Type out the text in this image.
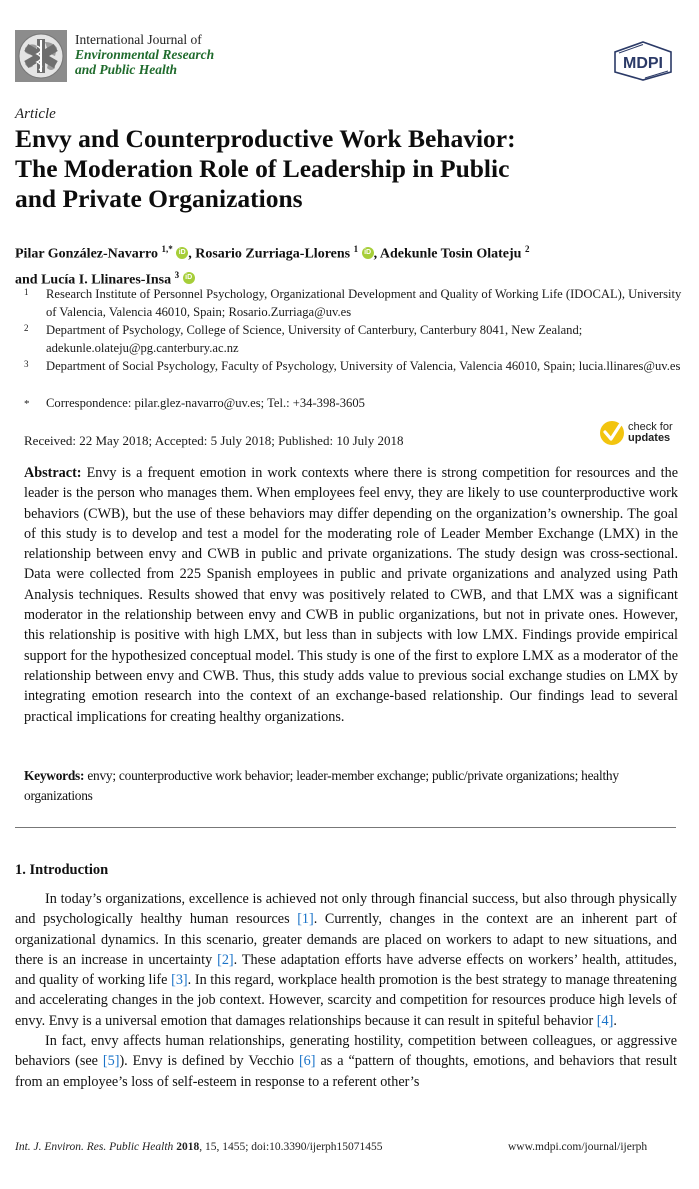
International Journal of
Environmental Research
and Public Health	MDPI
Article
Envy and Counterproductive Work Behavior:
The Moderation Role of Leadership in Public
and Private Organizations
Pilar González-Navarro $^{1,*}$ iD , Rosario Zurriaga-Llorens $^1$ iD , Adekunle Tosin Olateju $^2$
and Lucía I. Llinares-Insa $^3$ iD
1 Research Institute of Personnel Psychology, Organizational Development and Quality of Working Life (IDOCAL), University of Valencia, Valencia 46010, Spain; Rosario.Zurriaga@uv.es
2 Department of Psychology, College of Science, University of Canterbury, Canterbury 8041, New Zealand; adekunle.olateju@pg.canterbury.ac.nz
3 Department of Social Psychology, Faculty of Psychology, University of Valencia, Valencia 46010, Spain; lucia.llinares@uv.es
* Correspondence: pilar.glez-navarro@uv.es; Tel.: +34-398-3605
Received: 22 May 2018; Accepted: 5 July 2018; Published: 10 July 2018
check for
updates
Abstract: Envy is a frequent emotion in work contexts where there is strong competition for resources and the leader is the person who manages them. When employees feel envy, they are likely to use counterproductive work behaviors (CWB), but the use of these behaviors may differ depending on the organization’s ownership. The goal of this study is to develop and test a model for the moderating role of Leader Member Exchange (LMX) in the relationship between envy and CWB in public and private organizations. The study design was cross-sectional. Data were collected from 225 Spanish employees in public and private organizations and analyzed using Path Analysis techniques. Results showed that envy was positively related to CWB, and that LMX was a significant moderator in the relationship between envy and CWB in public organizations, but not in private ones. However, this relationship is positive with high LMX, but less than in subjects with low LMX. Findings provide empirical support for the hypothesized conceptual model. This study is one of the first to explore LMX as a moderator of the relationship between envy and CWB. Thus, this study adds value to previous social exchange studies on LMX by integrating emotion research into the context of an exchange-based relationship. Our findings lead to several practical implications for creating healthy organizations.
Keywords: envy; counterproductive work behavior; leader-member exchange; public/private organizations; healthy organizations
1. Introduction

In today’s organizations, excellence is achieved not only through financial success, but also through physically and psychologically healthy human resources [1]. Currently, changes in the context are an inherent part of organizational dynamics. In this scenario, greater demands are placed on workers to adapt to new situations, and there is an increase in uncertainty [2]. These adaptation efforts have adverse effects on workers’ health, attitudes, and quality of working life [3]. In this regard, workplace health promotion is the best strategy to manage threatening and accelerating changes in the job context. However, scarcity and competition for resources produce high levels of envy. Envy is a universal emotion that damages relationships because it can result in spiteful behavior [4].

In fact, envy affects human relationships, generating hostility, competition between colleagues, or aggressive behaviors (see [5]). Envy is defined by Vecchio [6] as a “pattern of thoughts, emotions, and behaviors that result from an employee’s loss of self-esteem in response to a referent other’s

Int. J. Environ. Res. Public Health 2018, 15, 1455; doi:10.3390/ijerph15071455	www.mdpi.com/journal/ijerph
